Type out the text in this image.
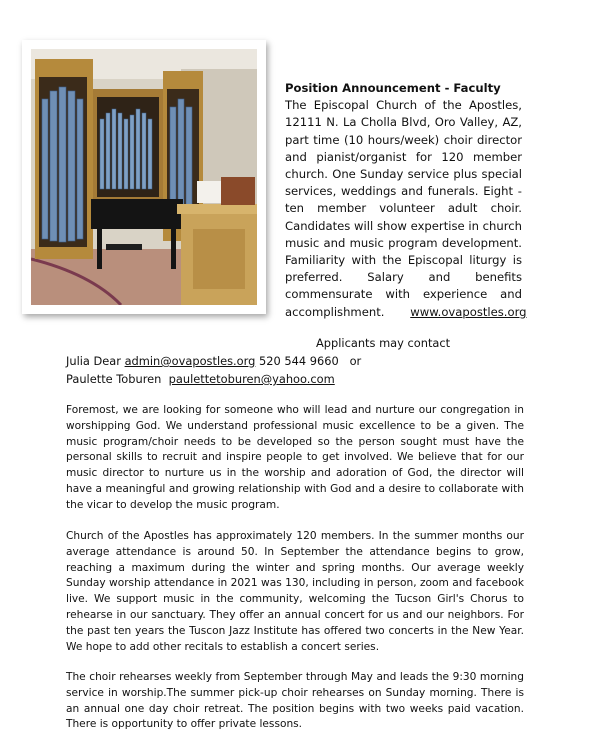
Position Announcement - Faculty
The Episcopal Church of the Apostles, 12111 N. La Cholla Blvd, Oro Valley, AZ, part time (10 hours/week) choir director and pianist/organist for 120 member church. One Sunday service plus special services, weddings and funerals. Eight - ten member volunteer adult choir. Candidates will show expertise in church music and music program development. Familiarity with the Episcopal liturgy is preferred. Salary and benefits commensurate with experience and accomplishment. www.ovapostles.org
Applicants may contact
Julia Dear admin@ovapostles.org 520 544 9660 or
Paulette Toburen paulettetoburen@yahoo.com

Foremost, we are looking for someone who will lead and nurture our congregation in worshipping God. We understand professional music excellence to be a given. The music program/choir needs to be developed so the person sought must have the personal skills to recruit and inspire people to get involved. We believe that for our music director to nurture us in the worship and adoration of God, the director will have a meaningful and growing relationship with God and a desire to collaborate with the vicar to develop the music program.

Church of the Apostles has approximately 120 members. In the summer months our average attendance is around 50. In September the attendance begins to grow, reaching a maximum during the winter and spring months. Our average weekly Sunday worship attendance in 2021 was 130, including in person, zoom and facebook live. We support music in the community, welcoming the Tucson Girl's Chorus to rehearse in our sanctuary. They offer an annual concert for us and our neighbors. For the past ten years the Tuscon Jazz Institute has offered two concerts in the New Year. We hope to add other recitals to establish a concert series.

The choir rehearses weekly from September through May and leads the 9:30 morning service in worship.The summer pick-up choir rehearses on Sunday morning. There is an annual one day choir retreat. The position begins with two weeks paid vacation. There is opportunity to offer private lessons.
